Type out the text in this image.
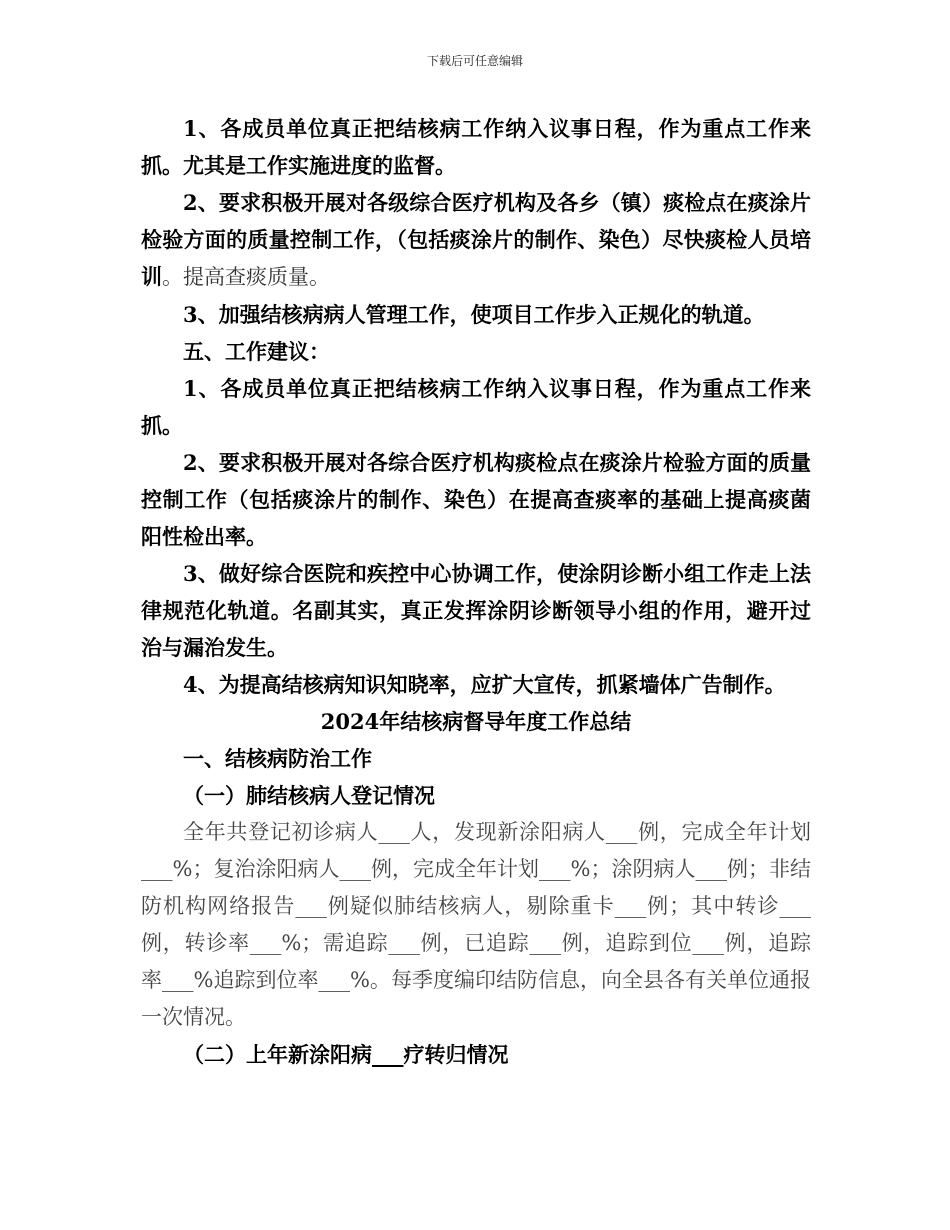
下载后可任意编辑

1、各成员单位真正把结核病工作纳入议事日程，作为重点工作来抓。尤其是工作实施进度的监督。

2、要求积极开展对各级综合医疗机构及各乡（镇）痰检点在痰涂片检验方面的质量控制工作，（包括痰涂片的制作、染色）尽快痰检人员培训。提高查痰质量。

3、加强结核病病人管理工作，使项目工作步入正规化的轨道。

五、工作建议：

1、各成员单位真正把结核病工作纳入议事日程，作为重点工作来抓。

2、要求积极开展对各综合医疗机构痰检点在痰涂片检验方面的质量控制工作（包括痰涂片的制作、染色）在提高查痰率的基础上提高痰菌阳性检出率。

3、做好综合医院和疾控中心协调工作，使涂阴诊断小组工作走上法律规范化轨道。名副其实，真正发挥涂阴诊断领导小组的作用，避开过治与漏治发生。

4、为提高结核病知识知晓率，应扩大宣传，抓紧墙体广告制作。

2024年结核病督导年度工作总结

一、结核病防治工作

（一）肺结核病人登记情况

全年共登记初诊病人___人，发现新涂阳病人___例，完成全年计划___%；复治涂阳病人___例，完成全年计划___%；涂阴病人___例；非结防机构网络报告___例疑似肺结核病人，剔除重卡___例；其中转诊___例，转诊率___%；需追踪___例，已追踪___例，追踪到位___例，追踪率___%追踪到位率___%。每季度编印结防信息，向全县各有关单位通报一次情况。

（二）上年新涂阳病___疗转归情况
